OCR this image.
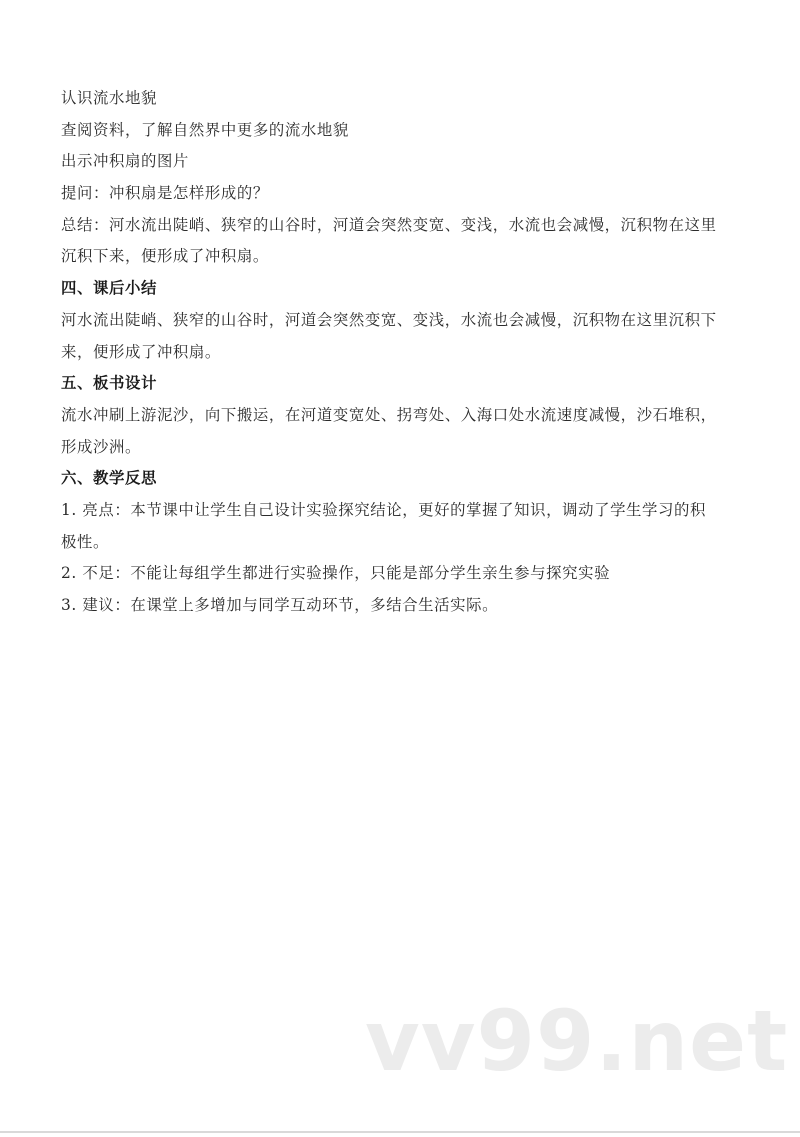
认识流水地貌
查阅资料，了解自然界中更多的流水地貌
出示冲积扇的图片
提问：冲积扇是怎样形成的？
总结：河水流出陡峭、狭窄的山谷时，河道会突然变宽、变浅，水流也会减慢，沉积物在这里
沉积下来，便形成了冲积扇。
四、课后小结
河水流出陡峭、狭窄的山谷时，河道会突然变宽、变浅，水流也会减慢，沉积物在这里沉积下
来，便形成了冲积扇。
五、板书设计
流水冲刷上游泥沙，向下搬运，在河道变宽处、拐弯处、入海口处水流速度减慢，沙石堆积，
形成沙洲。
六、教学反思
1. 亮点：本节课中让学生自己设计实验探究结论，更好的掌握了知识，调动了学生学习的积
极性。
2. 不足：不能让每组学生都进行实验操作，只能是部分学生亲生参与探究实验
3. 建议：在课堂上多增加与同学互动环节，多结合生活实际。
vv99.net
